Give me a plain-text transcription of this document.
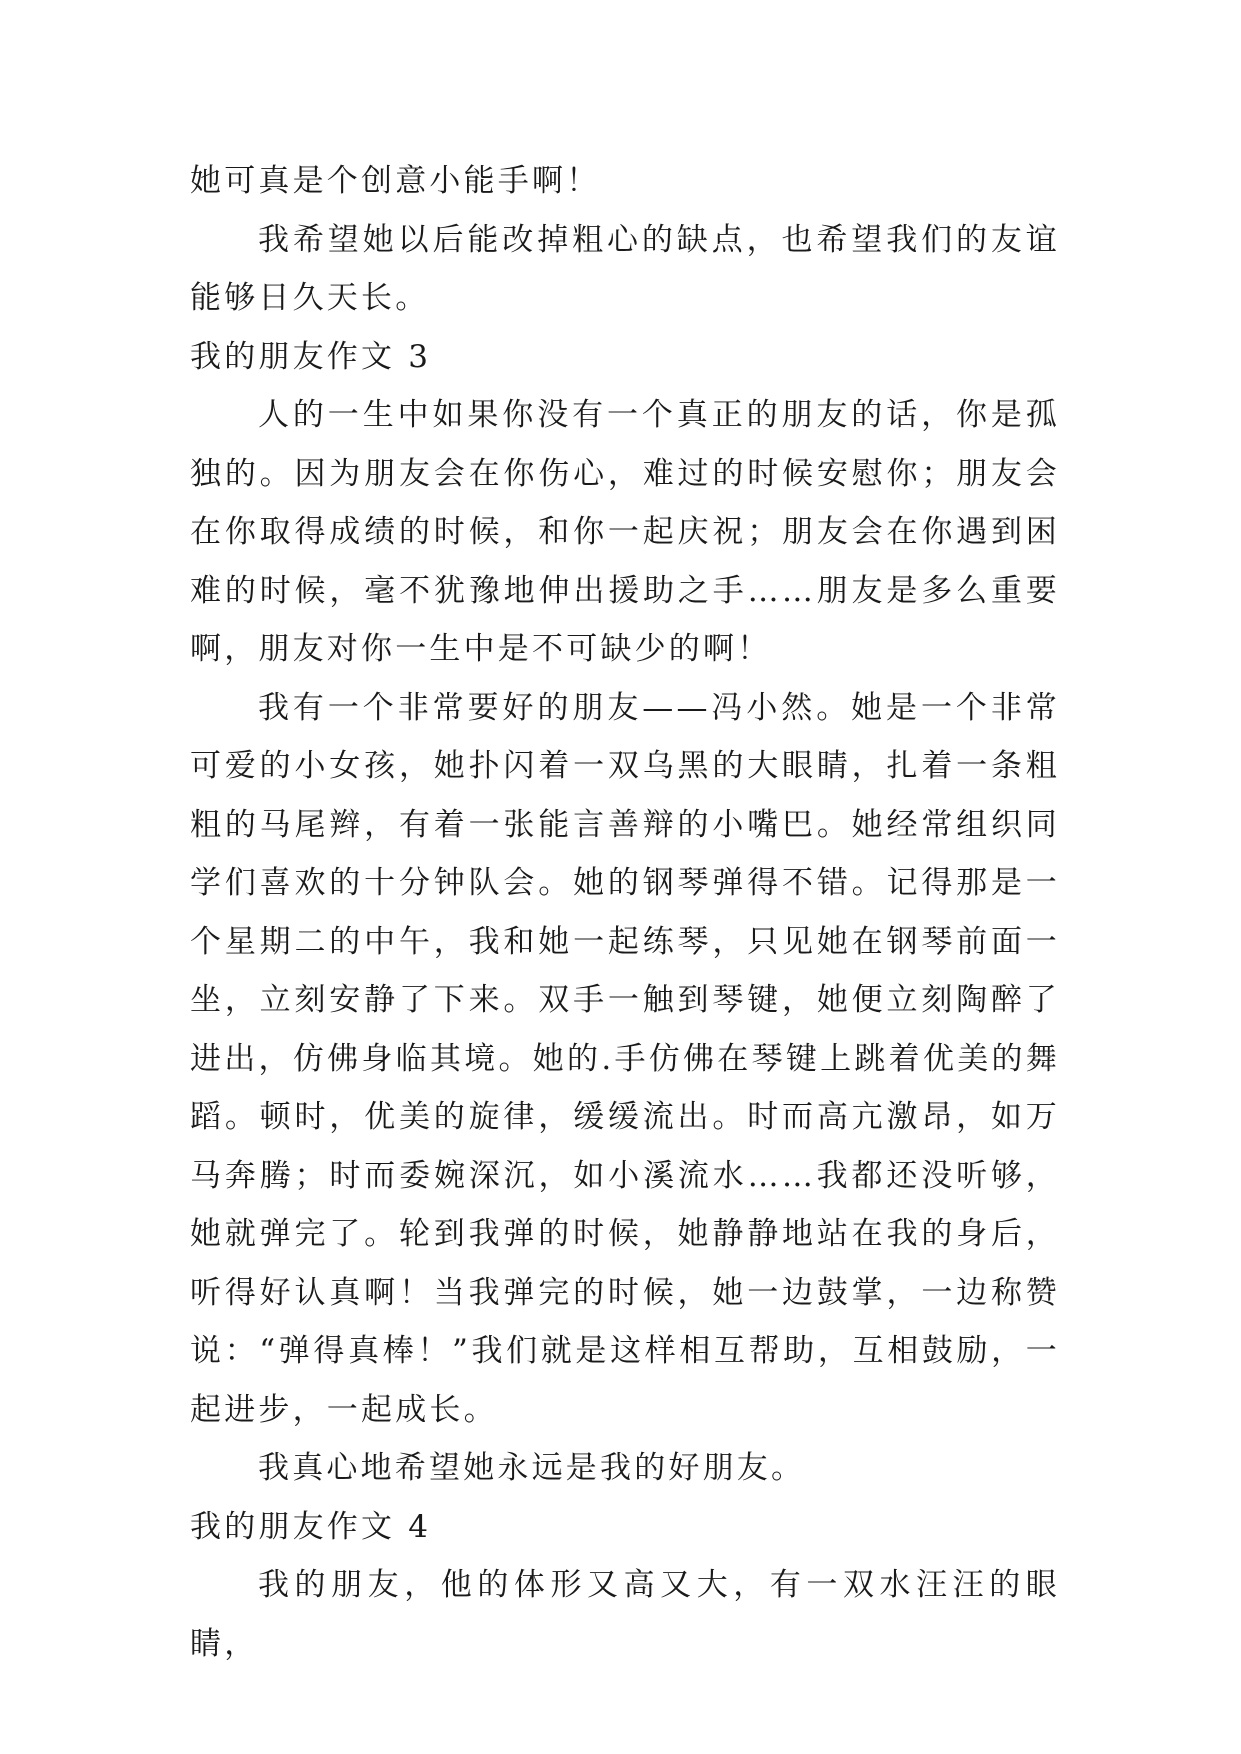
她可真是个创意小能手啊！

我希望她以后能改掉粗心的缺点，也希望我们的友谊能够日久天长。

我的朋友作文 3

人的一生中如果你没有一个真正的朋友的话，你是孤独的。因为朋友会在你伤心，难过的时候安慰你；朋友会在你取得成绩的时候，和你一起庆祝；朋友会在你遇到困难的时候，毫不犹豫地伸出援助之手……朋友是多么重要啊，朋友对你一生中是不可缺少的啊！

我有一个非常要好的朋友——冯小然。她是一个非常可爱的小女孩，她扑闪着一双乌黑的大眼睛，扎着一条粗粗的马尾辫，有着一张能言善辩的小嘴巴。她经常组织同学们喜欢的十分钟队会。她的钢琴弹得不错。记得那是一个星期二的中午，我和她一起练琴，只见她在钢琴前面一坐，立刻安静了下来。双手一触到琴键，她便立刻陶醉了进出，仿佛身临其境。她的.手仿佛在琴键上跳着优美的舞蹈。顿时，优美的旋律，缓缓流出。时而高亢激昂，如万马奔腾；时而委婉深沉，如小溪流水……我都还没听够，她就弹完了。轮到我弹的时候，她静静地站在我的身后，听得好认真啊！当我弹完的时候，她一边鼓掌，一边称赞说：“弹得真棒！”我们就是这样相互帮助，互相鼓励，一起进步，一起成长。

我真心地希望她永远是我的好朋友。

我的朋友作文 4

我的朋友，他的体形又高又大，有一双水汪汪的眼睛，
